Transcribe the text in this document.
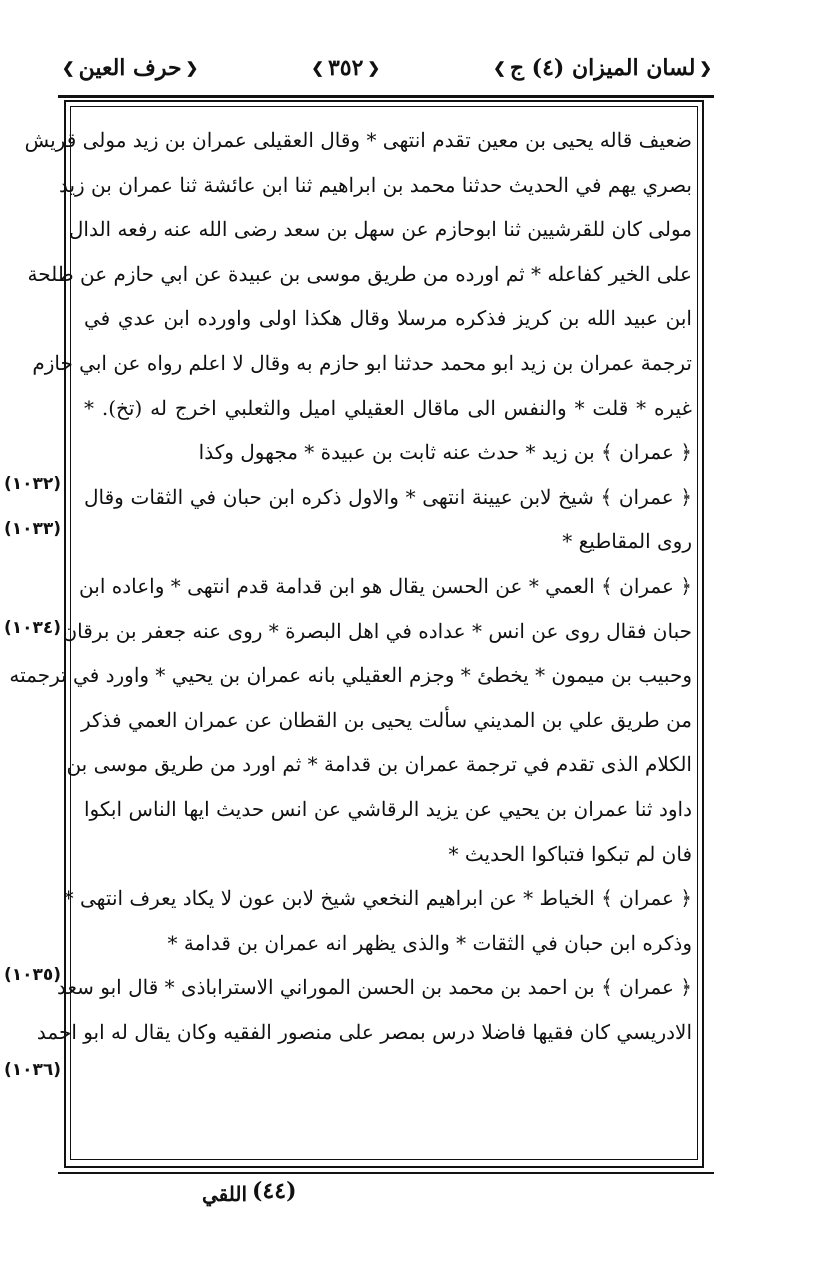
❮
لسان المیزان (٤) ج
❯
❮
٣٥٢
❯
❮
حرف العین
❯
ضعیف قاله یحیی بن معین تقدم انتهی * وقال العقیلی عمران بن زید مولی قریش
بصري یهم في الحدیث حدثنا محمد بن ابراهیم ثنا ابن عائشة ثنا عمران بن زید
مولی كان للقرشیین ثنا ابوحازم عن سهل بن سعد رضی الله عنه رفعه الدال
علی الخیر كفاعله * ثم اورده من طریق موسی بن عبیدة عن ابي حازم عن طلحة
ابن عبید الله بن كریز فذكره مرسلا وقال هكذا اولی واورده ابن عدي في
ترجمة عمران بن زید ابو محمد حدثنا ابو حازم به وقال لا اعلم رواه عن ابي حازم
غیره * قلت * والنفس الی ماقال العقیلي امیل والثعلبي اخرج له (تخ). *
﴿ عمران ﴾ بن زید * حدث عنه ثابت بن عبیدة * مجهول وكذا
﴿ عمران ﴾ شیخ لابن عیینة انتهی * والاول ذكره ابن حبان في الثقات وقال
روی المقاطیع *
﴿ عمران ﴾ العمي * عن الحسن یقال هو ابن قدامة قدم انتهی * واعاده ابن
حبان فقال روی عن انس * عداده في اهل البصرة * روی عنه جعفر بن برقان
وحبیب بن میمون * یخطئ * وجزم العقیلي بانه عمران بن یحیي * واورد في ترجمته
من طریق علي بن المدیني سألت یحیی بن القطان عن عمران العمي فذكر
الكلام الذی تقدم في ترجمة عمران بن قدامة * ثم اورد من طریق موسی بن
داود ثنا عمران بن یحیي عن یزید الرقاشي عن انس حدیث ایها الناس ابكوا
فان لم تبكوا فتباكوا الحدیث *
﴿ عمران ﴾ الخیاط * عن ابراهیم النخعي شیخ لابن عون لا یكاد یعرف انتهی *
وذكره ابن حبان في الثقات * والذی یظهر انه عمران بن قدامة *
﴿ عمران ﴾ بن احمد بن محمد بن الحسن الموراني الاستراباذی * قال ابو سعد
الادریسي كان فقیها فاضلا درس بمصر علی منصور الفقیه وكان یقال له ابو احمد
(١٠٣٢)
(١٠٣٣)
(١٠٣٤)
(١٠٣٥)
(١٠٣٦)
اللقي (٤٤)
